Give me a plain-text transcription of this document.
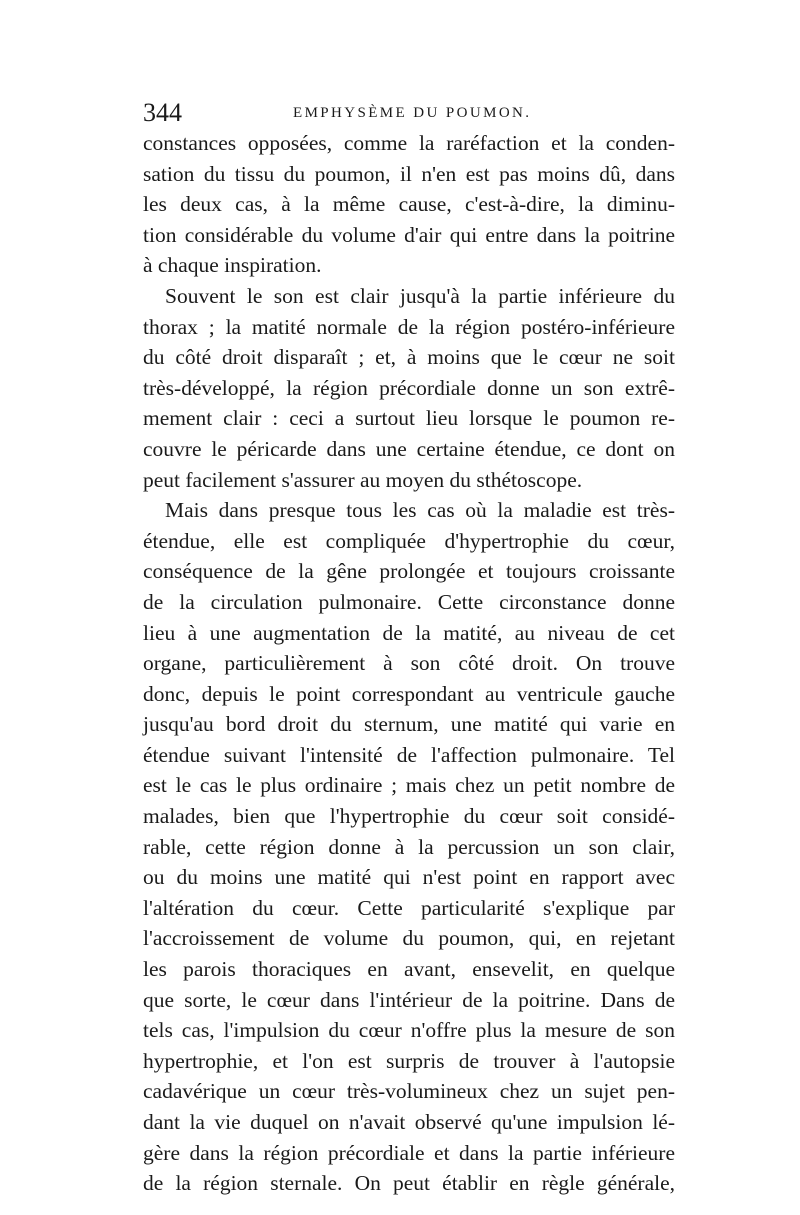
344	EMPHYSÈME DU POUMON.
constances opposées, comme la raréfaction et la conden-
sation du tissu du poumon, il n'en est pas moins dû, dans
les deux cas, à la même cause, c'est-à-dire, la diminu-
tion considérable du volume d'air qui entre dans la poitrine
à chaque inspiration.
Souvent le son est clair jusqu'à la partie inférieure du
thorax ; la matité normale de la région postéro-inférieure
du côté droit disparaît ; et, à moins que le cœur ne soit
très-développé, la région précordiale donne un son extrê-
mement clair : ceci a surtout lieu lorsque le poumon re-
couvre le péricarde dans une certaine étendue, ce dont on
peut facilement s'assurer au moyen du sthétoscope.
Mais dans presque tous les cas où la maladie est très-
étendue, elle est compliquée d'hypertrophie du cœur,
conséquence de la gêne prolongée et toujours croissante
de la circulation pulmonaire. Cette circonstance donne
lieu à une augmentation de la matité, au niveau de cet
organe, particulièrement à son côté droit. On trouve
donc, depuis le point correspondant au ventricule gauche
jusqu'au bord droit du sternum, une matité qui varie en
étendue suivant l'intensité de l'affection pulmonaire. Tel
est le cas le plus ordinaire ; mais chez un petit nombre de
malades, bien que l'hypertrophie du cœur soit considé-
rable, cette région donne à la percussion un son clair,
ou du moins une matité qui n'est point en rapport avec
l'altération du cœur. Cette particularité s'explique par
l'accroissement de volume du poumon, qui, en rejetant
les parois thoraciques en avant, ensevelit, en quelque
que sorte, le cœur dans l'intérieur de la poitrine. Dans de
tels cas, l'impulsion du cœur n'offre plus la mesure de son
hypertrophie, et l'on est surpris de trouver à l'autopsie
cadavérique un cœur très-volumineux chez un sujet pen-
dant la vie duquel on n'avait observé qu'une impulsion lé-
gère dans la région précordiale et dans la partie inférieure
de la région sternale. On peut établir en règle générale,
